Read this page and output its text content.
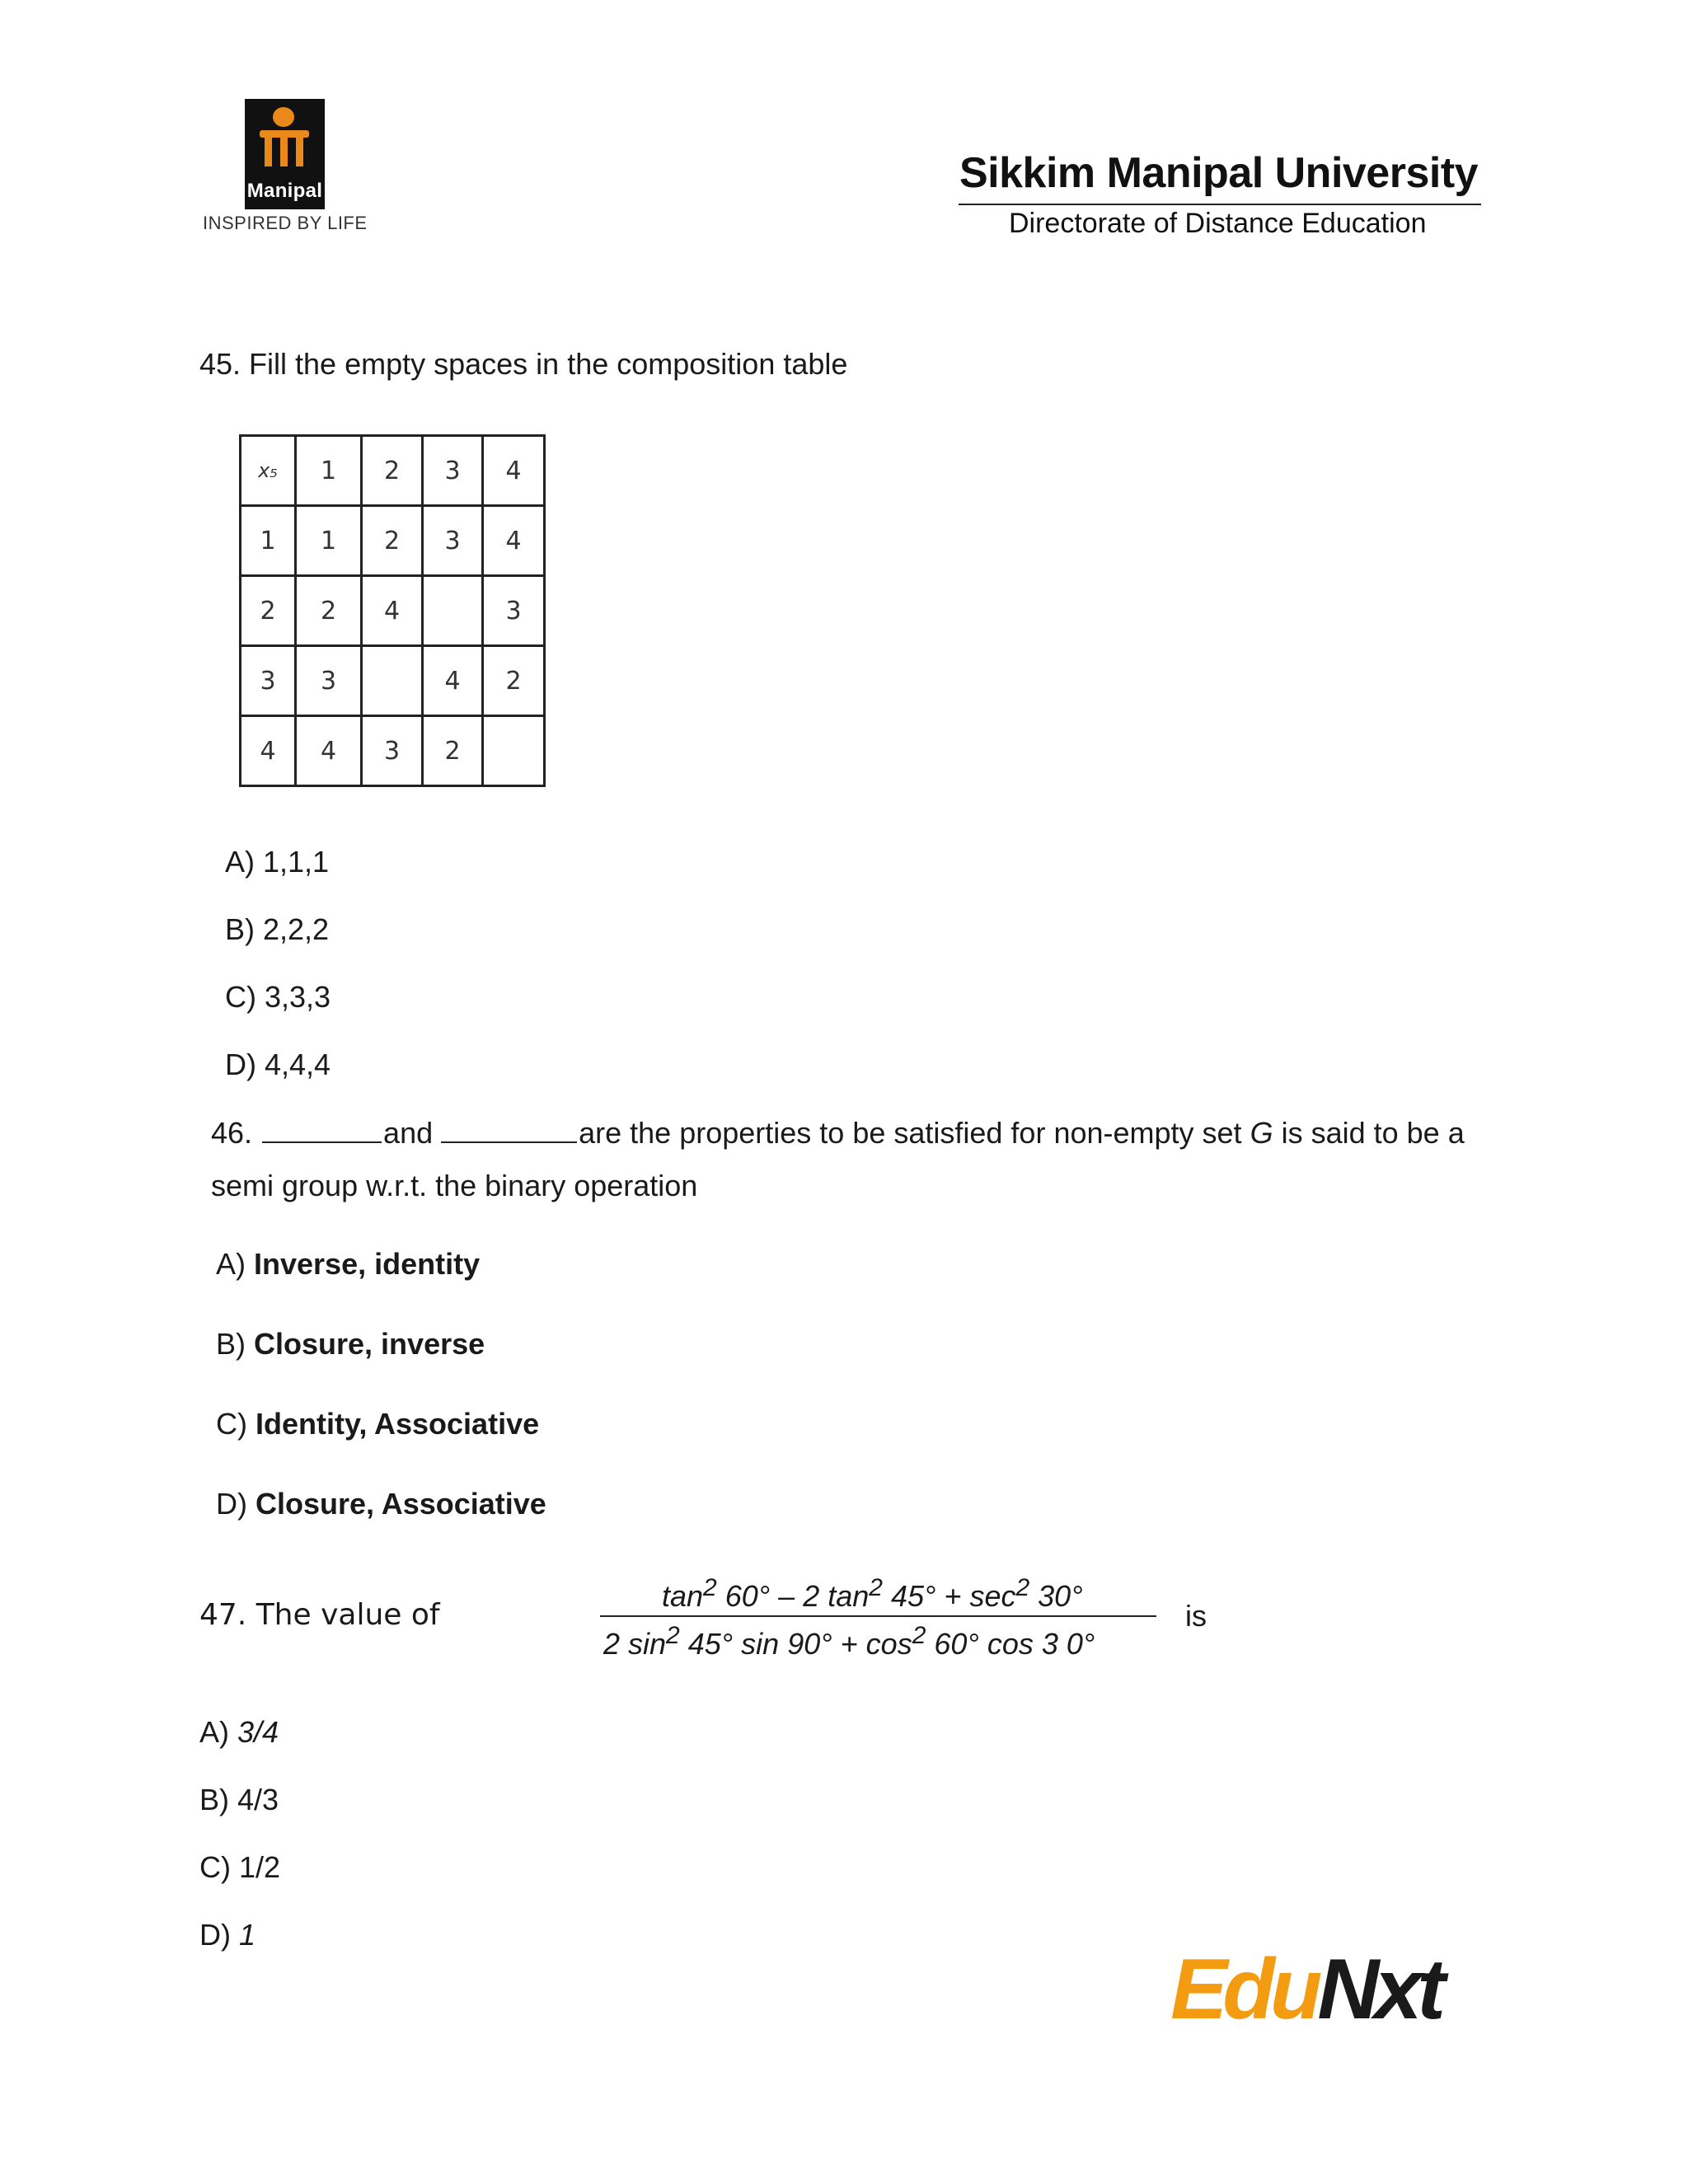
Manipal
INSPIRED BY LIFE
Sikkim Manipal University
Directorate of Distance Education
45. Fill the empty spaces in the composition table
x₅	1	2	3	4
1	1	2	3	4
2	2	4		3
3	3		4	2
4	4	3	2	
A) 1,1,1
B) 2,2,2
C) 3,3,3
D) 4,4,4
46.	and	are the properties to be satisfied for non-empty set G is said to be a
semi group w.r.t. the binary operation
A) Inverse, identity
B) Closure, inverse
C) Identity, Associative
D) Closure, Associative
47. The value of
$\tan^2 60^\circ - 2$ $\tan^2 45^\circ + \sec^2 30^\circ$
2 $\sin^2 45^\circ$ $\sin 90^\circ + \cos^2 60^\circ$ cos 3 0°
is
A) 3/4
B) 4/3
C) 1/2
D) 1
EduNxt
